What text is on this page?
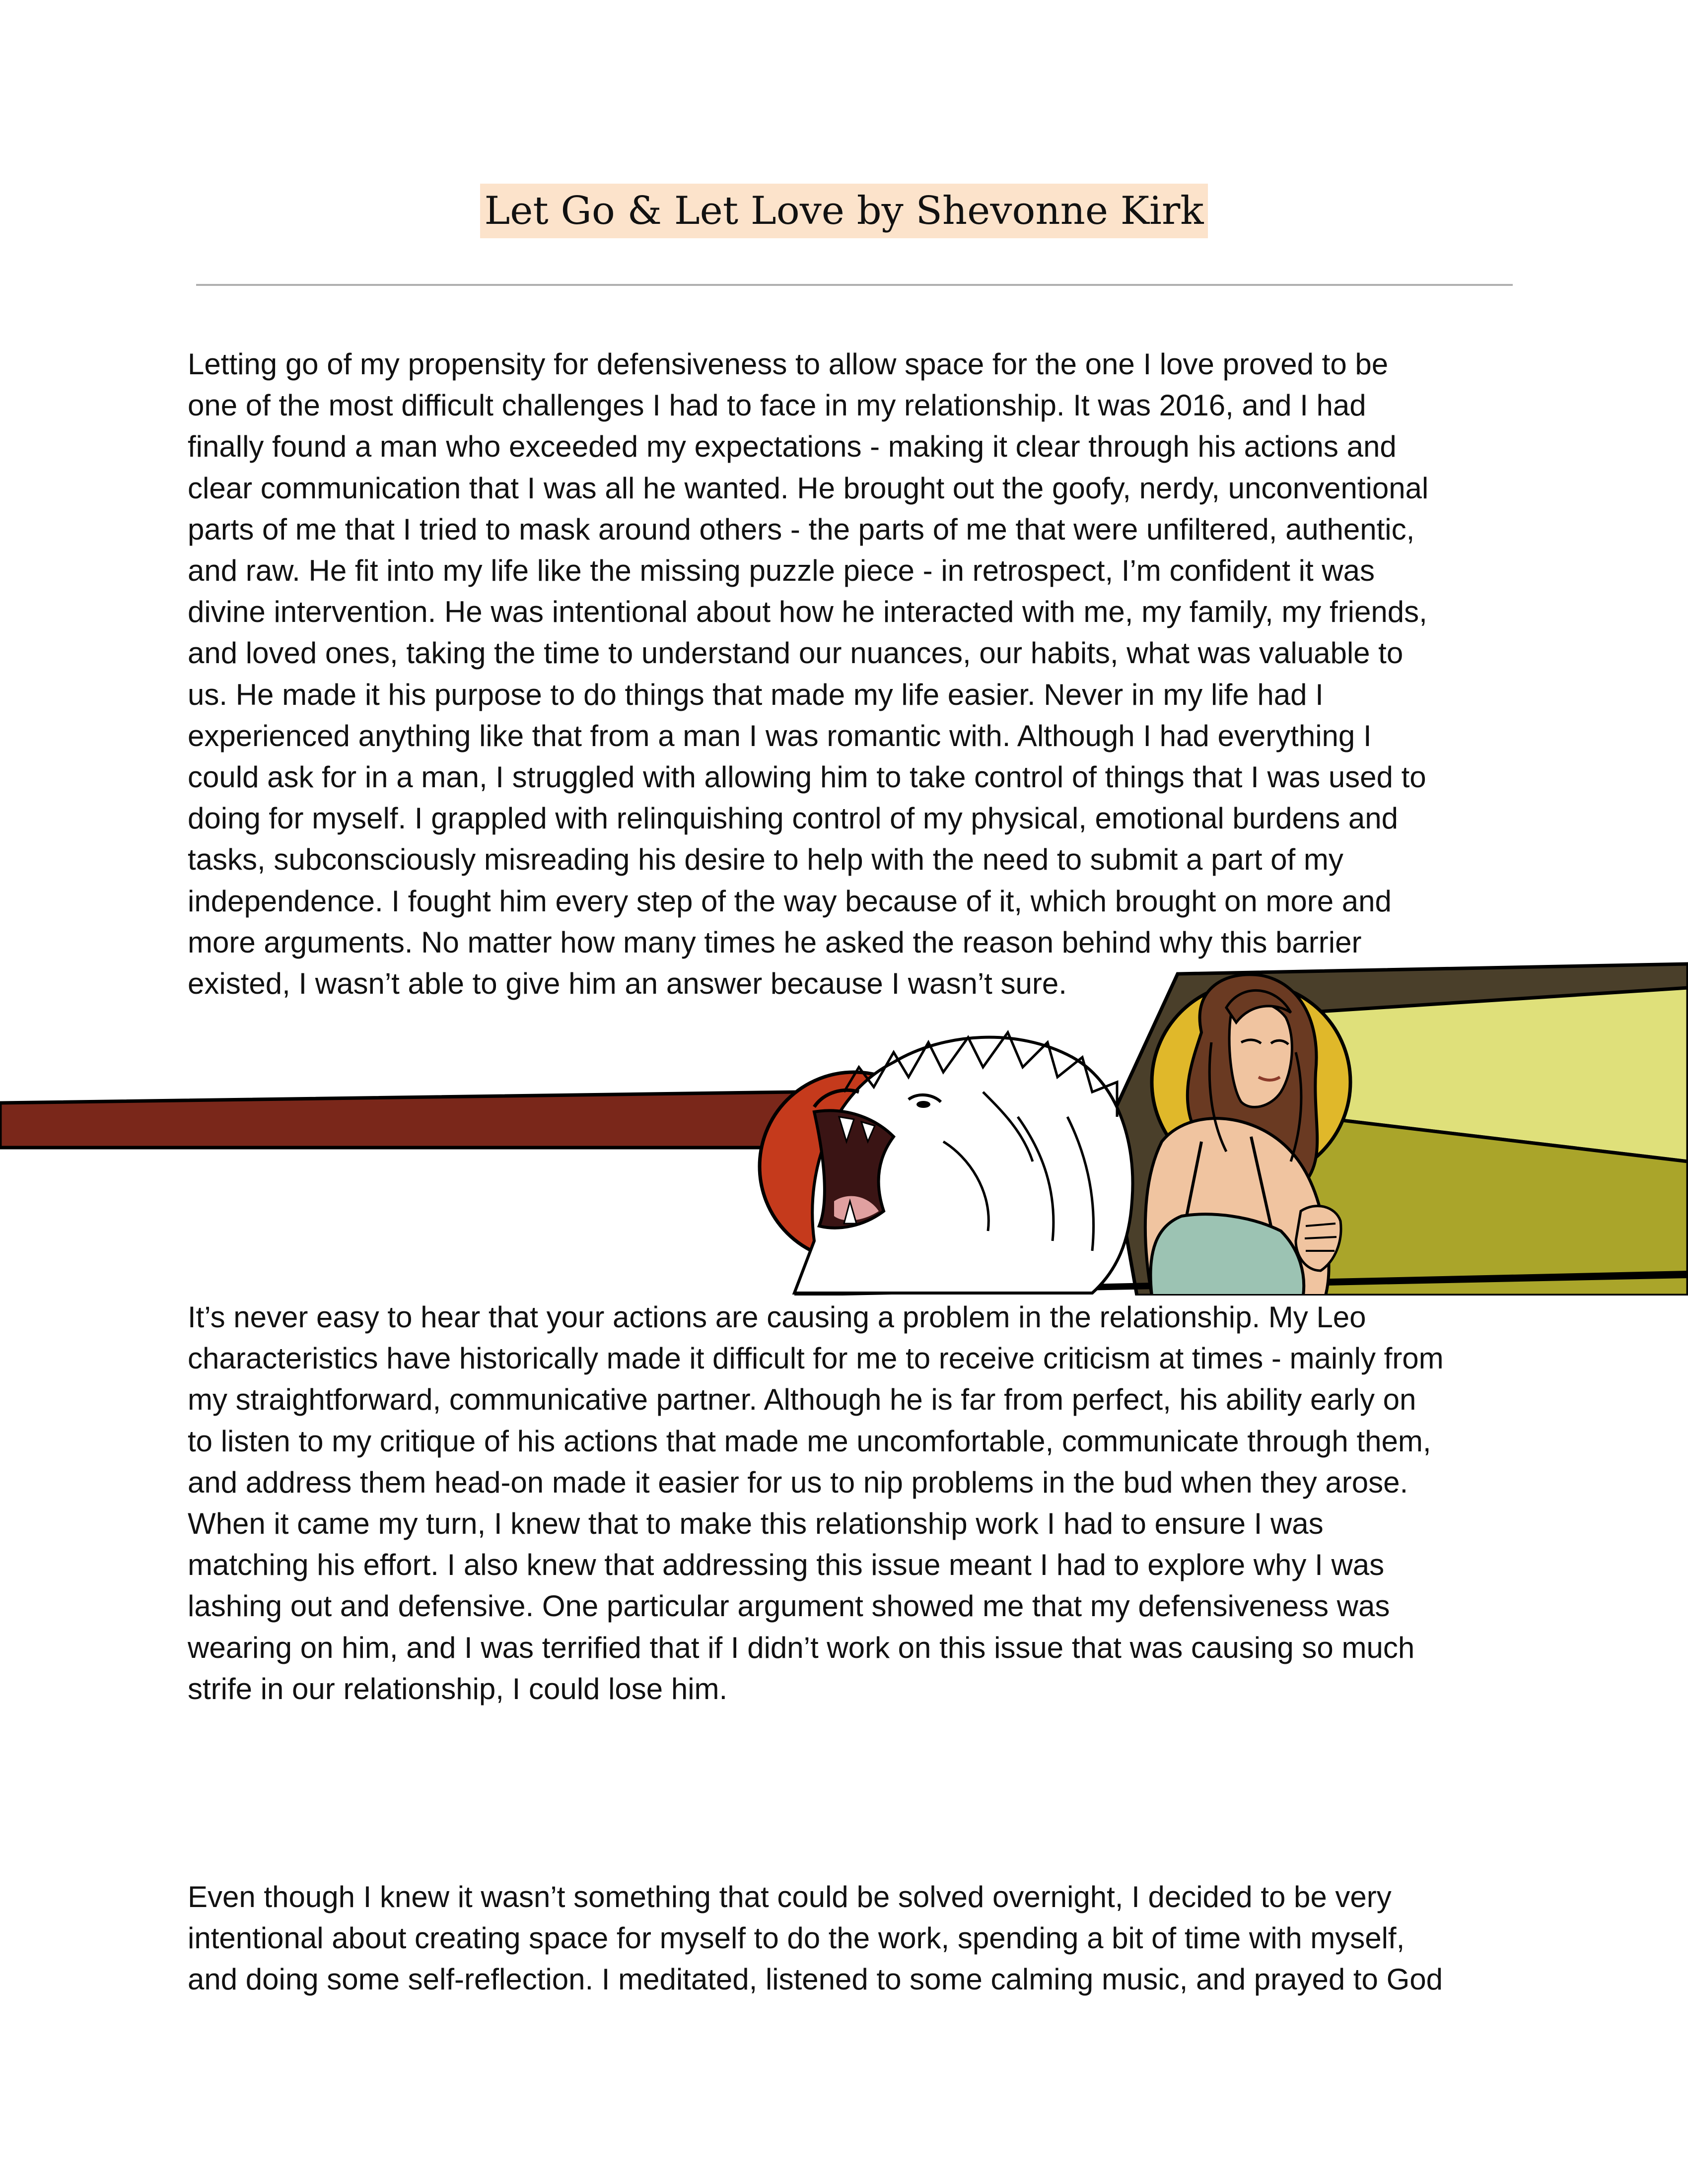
Let Go & Let Love by Shevonne Kirk
Letting go of my propensity for defensiveness to allow space for the one I love proved to be
one of the most difficult challenges I had to face in my relationship. It was 2016, and I had
finally found a man who exceeded my expectations - making it clear through his actions and
clear communication that I was all he wanted. He brought out the goofy, nerdy, unconventional
parts of me that I tried to mask around others - the parts of me that were unfiltered, authentic,
and raw. He fit into my life like the missing puzzle piece - in retrospect, I’m confident it was
divine intervention. He was intentional about how he interacted with me, my family, my friends,
and loved ones, taking the time to understand our nuances, our habits, what was valuable to
us. He made it his purpose to do things that made my life easier. Never in my life had I
experienced anything like that from a man I was romantic with. Although I had everything I
could ask for in a man, I struggled with allowing him to take control of things that I was used to
doing for myself. I grappled with relinquishing control of my physical, emotional burdens and
tasks, subconsciously misreading his desire to help with the need to submit a part of my
independence. I fought him every step of the way because of it, which brought on more and
more arguments. No matter how many times he asked the reason behind why this barrier
existed, I wasn’t able to give him an answer because I wasn’t sure.
It’s never easy to hear that your actions are causing a problem in the relationship. My Leo
characteristics have historically made it difficult for me to receive criticism at times - mainly from
my straightforward, communicative partner. Although he is far from perfect, his ability early on
to listen to my critique of his actions that made me uncomfortable, communicate through them,
and address them head-on made it easier for us to nip problems in the bud when they arose.
When it came my turn, I knew that to make this relationship work I had to ensure I was
matching his effort. I also knew that addressing this issue meant I had to explore why I was
lashing out and defensive. One particular argument showed me that my defensiveness was
wearing on him, and I was terrified that if I didn’t work on this issue that was causing so much
strife in our relationship, I could lose him.
Even though I knew it wasn’t something that could be solved overnight, I decided to be very
intentional about creating space for myself to do the work, spending a bit of time with myself,
and doing some self-reflection. I meditated, listened to some calming music, and prayed to God
